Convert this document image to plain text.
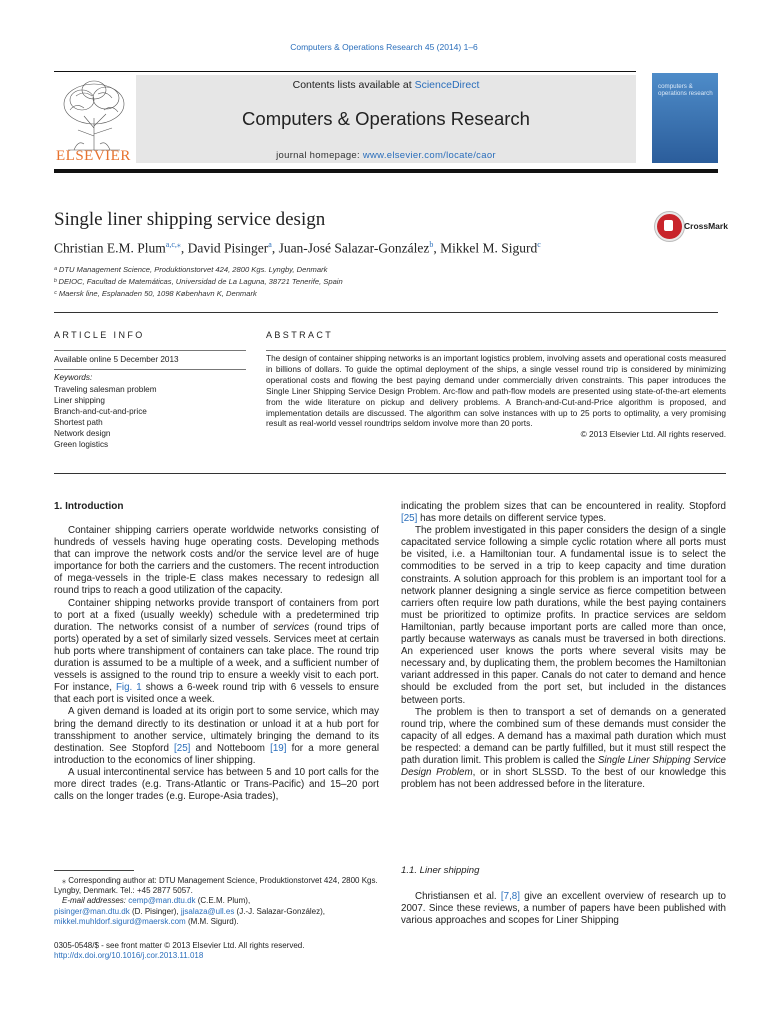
Computers & Operations Research 45 (2014) 1–6
ELSEVIER
Contents lists available at ScienceDirect
Computers & Operations Research
journal homepage: www.elsevier.com/locate/caor
computers & operations research
Single liner shipping service design	CrossMark
Christian E.M. Plum$^{a,c,⁎}$, David Pisinger$^a$, Juan-José Salazar-González$^b$, Mikkel M. Sigurd$^c$
ᵃ DTU Management Science, Produktionstorvet 424, 2800 Kgs. Lyngby, Denmark
ᵇ DEIOC, Facultad de Matemáticas, Universidad de La Laguna, 38721 Tenerife, Spain
ᶜ Maersk line, Esplanaden 50, 1098 København K, Denmark
ARTICLE INFO
Available online 5 December 2013
Keywords:
Traveling salesman problem
Liner shipping
Branch-and-cut-and-price
Shortest path
Network design
Green logistics
ABSTRACT
The design of container shipping networks is an important logistics problem, involving assets and operational costs measured in billions of dollars. To guide the optimal deployment of the ships, a single vessel round trip is considered by minimizing operational costs and flowing the best paying demand under commercially driven constraints. This paper introduces the Single Liner Shipping Service Design Problem. Arc-flow and path-flow models are presented using state-of-the-art elements from the wide literature on pickup and delivery problems. A Branch-and-Cut-and-Price algorithm is proposed, and implementation details are discussed. The algorithm can solve instances with up to 25 ports to optimality, a very promising result as real-world vessel roundtrips seldom involve more than 20 ports.
© 2013 Elsevier Ltd. All rights reserved.
1. Introduction

Container shipping carriers operate worldwide networks consisting of hundreds of vessels having huge operating costs. Developing methods that can improve the network costs and/or the service level are of huge importance for both the carriers and the customers. The recent introduction of mega-vessels in the triple-E class makes necessary to redesign all round trips to reach a good utilization of the capacity.

Container shipping networks provide transport of containers from port to port at a fixed (usually weekly) schedule with a predetermined trip duration. The networks consist of a number of services (round trips of ports) operated by a set of similarly sized vessels. Services meet at certain hub ports where transhipment of containers can take place. The round trip duration is assumed to be a multiple of a week, and a sufficient number of vessels is assigned to the round trip to ensure a weekly visit to each port. For instance, Fig. 1 shows a 6-week round trip with 6 vessels to ensure that each port is visited once a week.

A given demand is loaded at its origin port to some service, which may bring the demand directly to its destination or unload it at a hub port for transshipment to another service, ultimately bringing the demand to its destination. See Stopford [25] and Notteboom [19] for a more general introduction to the economics of liner shipping.

A usual intercontinental service has between 5 and 10 port calls for the more direct trades (e.g. Trans-Atlantic or Trans-Pacific) and 15–20 port calls on the longer trades (e.g. Europe-Asia trades),

indicating the problem sizes that can be encountered in reality. Stopford [25] has more details on different service types.

The problem investigated in this paper considers the design of a single capacitated service following a simple cyclic rotation where all ports must be visited, i.e. a Hamiltonian tour. A fundamental issue is to select the commodities to be served in a trip to keep capacity and time duration constraints. A solution approach for this problem is an important tool for a network planner designing a single service as fierce competition between carriers often require low path durations, while the best paying containers must be prioritized to optimize profits. In practice services are seldom Hamiltonian, partly because important ports are called more than once, partly because waterways as canals must be traversed in both directions. An experienced user knows the ports where several visits may be necessary and, by duplicating them, the problem becomes the Hamiltonian variant addressed in this paper. Canals do not cater to demand and hence should be excluded from the port set, but included in the distances between ports.

The problem is then to transport a set of demands on a generated round trip, where the combined sum of these demands must consider the capacity of all edges. A demand has a maximal path duration which must be respected: a demand can be partly fulfilled, but it must still respect the path duration limit. This problem is called the Single Liner Shipping Service Design Problem, or in short SLSSD. To the best of our knowledge this problem has not been addressed before in the literature.

1.1. Liner shipping

Christiansen et al. [7,8] give an excellent overview of research up to 2007. Since these reviews, a number of papers have been published with various approaches and scopes for Liner Shipping

⁎ Corresponding author at: DTU Management Science, Produktionstorvet 424, 2800 Kgs. Lyngby, Denmark. Tel.: +45 2877 5057.
E-mail addresses: cemp@man.dtu.dk (C.E.M. Plum),
pisinger@man.dtu.dk (D. Pisinger), jjsalaza@ull.es (J.-J. Salazar-González),
mikkel.muhldorf.sigurd@maersk.com (M.M. Sigurd).
0305-0548/$ - see front matter © 2013 Elsevier Ltd. All rights reserved.
http://dx.doi.org/10.1016/j.cor.2013.11.018
